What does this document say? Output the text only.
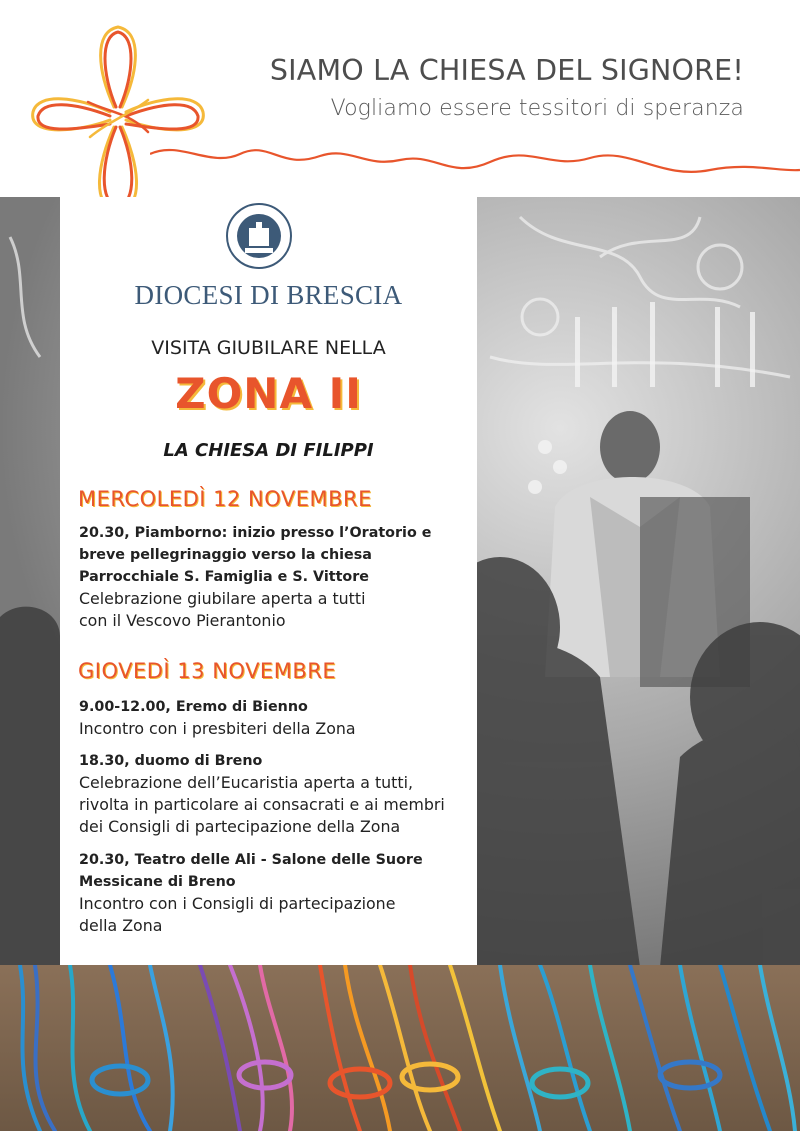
SIAMO LA CHIESA DEL SIGNORE!
Vogliamo essere tessitori di speranza
DIOCESI DI BRESCIA
VISITA GIUBILARE NELLA
ZONA II
LA CHIESA DI FILIPPI
MERCOLEDÌ 12 NOVEMBRE
20.30, Piamborno: inizio presso l’Oratorio e
breve pellegrinaggio verso la chiesa
Parrocchiale S. Famiglia e S. Vittore
Celebrazione giubilare aperta a tutti
con il Vescovo Pierantonio
GIOVEDÌ 13 NOVEMBRE
9.00-12.00, Eremo di Bienno
Incontro con i presbiteri della Zona
18.30, duomo di Breno
Celebrazione dell’Eucaristia aperta a tutti,
rivolta in particolare ai consacrati e ai membri
dei Consigli di partecipazione della Zona
20.30, Teatro delle Ali - Salone delle Suore
Messicane di Breno
Incontro con i Consigli di partecipazione
della Zona
